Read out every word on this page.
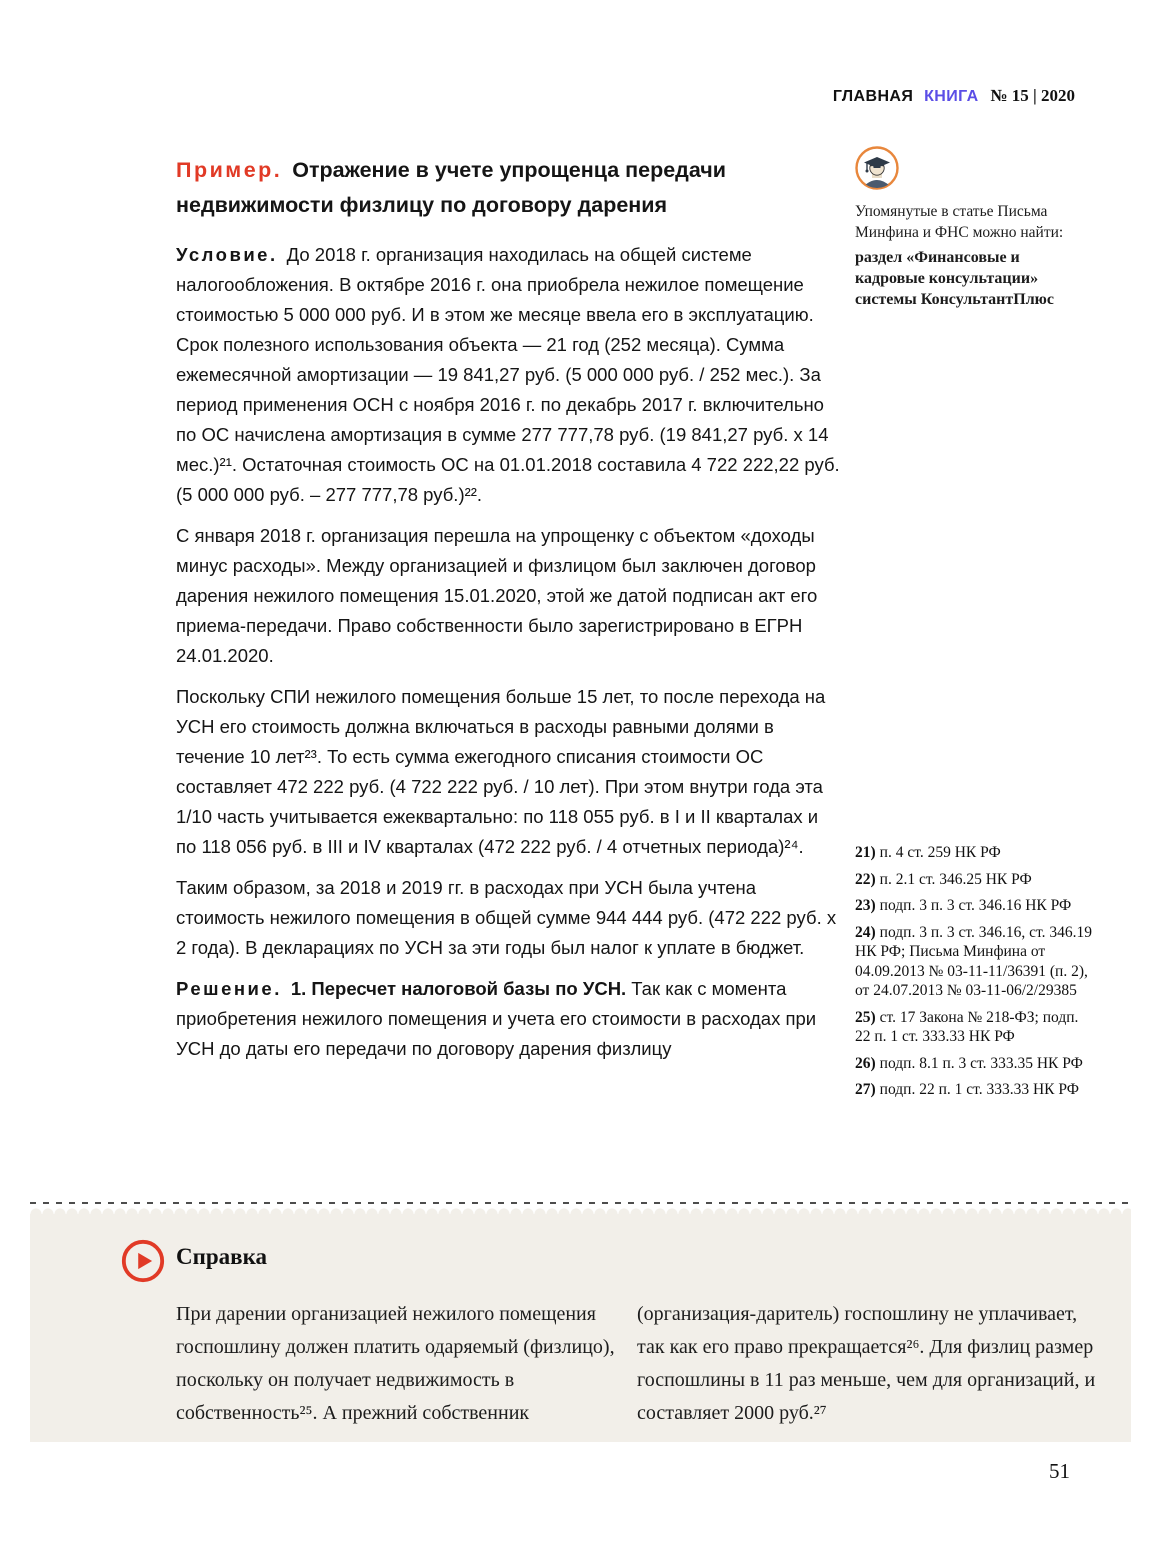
ГЛАВНАЯ КНИГА № 15 | 2020
Пример. Отражение в учете упрощенца передачи недвижимости физлицу по договору дарения

Условие. До 2018 г. организация находилась на общей системе налогообложения. В октябре 2016 г. она приобрела нежилое помещение стоимостью 5 000 000 руб. И в этом же месяце ввела его в эксплуатацию. Срок полезного использования объекта — 21 год (252 месяца). Сумма ежемесячной амортизации — 19 841,27 руб. (5 000 000 руб. / 252 мес.). За период применения ОСН с ноября 2016 г. по декабрь 2017 г. включительно по ОС начислена амортизация в сумме 277 777,78 руб. (19 841,27 руб. х 14 мес.)²¹. Остаточная стоимость ОС на 01.01.2018 составила 4 722 222,22 руб. (5 000 000 руб. – 277 777,78 руб.)²².

С января 2018 г. организация перешла на упрощенку с объектом «доходы минус расходы». Между организацией и физлицом был заключен договор дарения нежилого помещения 15.01.2020, этой же датой подписан акт его приема-передачи. Право собственности было зарегистрировано в ЕГРН 24.01.2020.

Поскольку СПИ нежилого помещения больше 15 лет, то после перехода на УСН его стоимость должна включаться в расходы равными долями в течение 10 лет²³. То есть сумма ежегодного списания стоимости ОС составляет 472 222 руб. (4 722 222 руб. / 10 лет). При этом внутри года эта 1/10 часть учитывается ежеквартально: по 118 055 руб. в I и II кварталах и по 118 056 руб. в III и IV кварталах (472 222 руб. / 4 отчетных периода)²⁴.

Таким образом, за 2018 и 2019 гг. в расходах при УСН была учтена стоимость нежилого помещения в общей сумме 944 444 руб. (472 222 руб. х 2 года). В декларациях по УСН за эти годы был налог к уплате в бюджет.

Решение. 1. Пересчет налоговой базы по УСН. Так как с момента приобретения нежилого помещения и учета его стоимости в расходах при УСН до даты его передачи по договору дарения физлицу

Упомянутые в статье Письма Минфина и ФНС можно найти:
раздел «Финансовые и кадровые консультации» системы КонсультантПлюс
21) п. 4 ст. 259 НК РФ
22) п. 2.1 ст. 346.25 НК РФ
23) подп. 3 п. 3 ст. 346.16 НК РФ
24) подп. 3 п. 3 ст. 346.16, ст. 346.19 НК РФ; Письма Минфина от 04.09.2013 № 03-11-11/36391 (п. 2), от 24.07.2013 № 03-11-06/2/29385
25) ст. 17 Закона № 218-ФЗ; подп. 22 п. 1 ст. 333.33 НК РФ
26) подп. 8.1 п. 3 ст. 333.35 НК РФ
27) подп. 22 п. 1 ст. 333.33 НК РФ
Справка
При дарении организацией нежилого помещения госпошлину должен платить одаряемый (физлицо), поскольку он получает недвижимость в собственность²⁵. А прежний собственник
(организация-даритель) госпошлину не уплачивает, так как его право прекращается²⁶. Для физлиц размер госпошлины в 11 раз меньше, чем для организаций, и составляет 2000 руб.²⁷
51
